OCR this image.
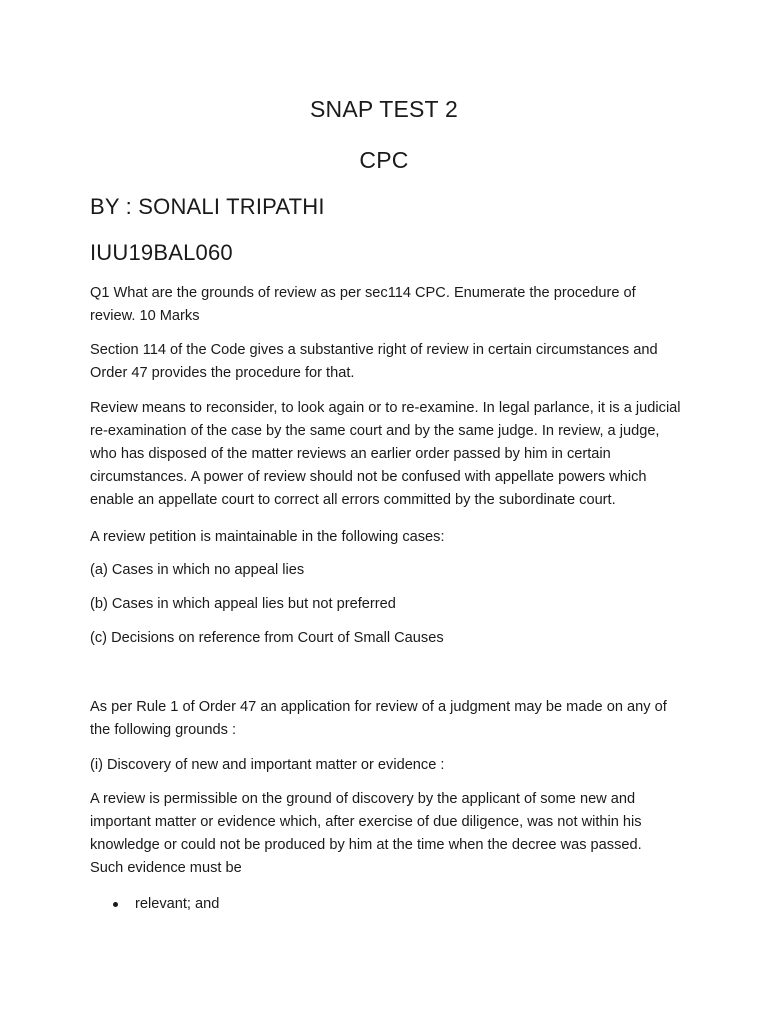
SNAP TEST 2
CPC
BY : SONALI TRIPATHI
IUU19BAL060

Q1 What are the grounds of review as per sec114 CPC. Enumerate the procedure of review. 10 Marks

Section 114 of the Code gives a substantive right of review in certain circumstances and Order 47 provides the procedure for that.

Review means to reconsider, to look again or to re-examine. In legal parlance, it is a judicial re-examination of the case by the same court and by the same judge. In review, a judge, who has disposed of the matter reviews an earlier order passed by him in certain circumstances. A power of review should not be confused with appellate powers which enable an appellate court to correct all errors committed by the subordinate court.

A review petition is maintainable in the following cases:

(a) Cases in which no appeal lies

(b) Cases in which appeal lies but not preferred

(c) Decisions on reference from Court of Small Causes

As per Rule 1 of Order 47 an application for review of a judgment may be made on any of the following grounds :

(i) Discovery of new and important matter or evidence :

A review is permissible on the ground of discovery by the applicant of some new and important matter or evidence which, after exercise of due diligence, was not within his knowledge or could not be produced by him at the time when the decree was passed. Such evidence must be

relevant; and
